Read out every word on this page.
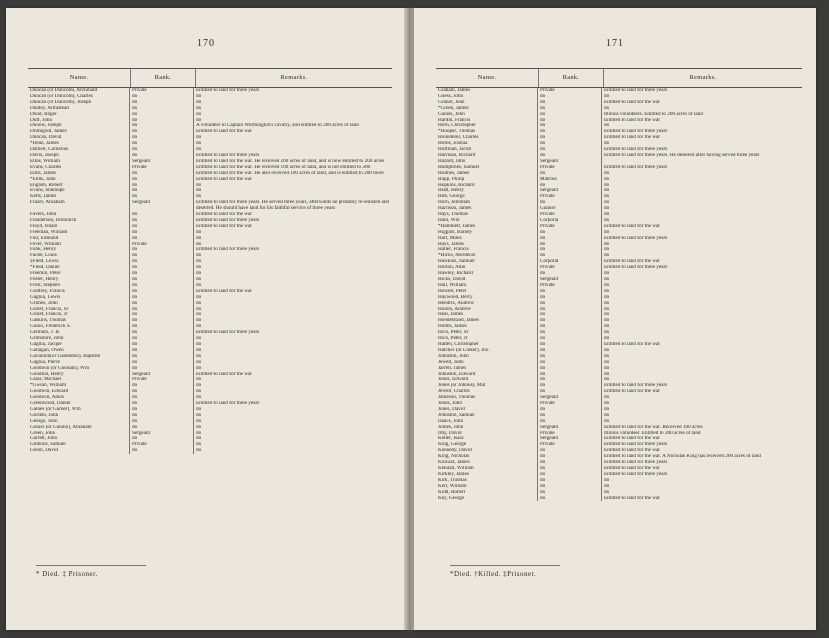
170
Name.	Rank.	Remarks.
Duncan (or Duncomi, Archibald	Private	Entitled to land for three years
Duncan (or Duncom), Charles	do	do
Duncan (or Duncom), Joseph	do	do
Dudley, Armistead	do	do
Doud, Roger	do	do
Duff, John	do	do
Dunow, Joseph	do	A volunteer in Captain Worthington's cavalry, and entitled to 200 acres of land
Drumgold, James	do	Entitled to land for the war
Duncan, David	do	do
*Dean, James	do	do
Darnell, Cornelius	do	do
Davis, Joseph	do	Entitled to land for three years
Elms, William	Sergeant	Entitled to land for the war. He received 200 acres of land, and is now entitled to 200 acres
Evans, Charles	Private	Entitled to land for the war. He received 100 acres of land, and is not entitled to 200
Elms, James	do	Entitled to land for the war. He also received 100 acres of land, and is entitled to 200 more
*Elms, John	do	Entitled to land for the war
English, Robert	do	do
Evans, Stanhope	do	do
Ketts, James	do	do
Frazer, Abraham	Sergeant	Entitled to land for three years. He served three years, afterwards he probably re-enlisted and deserted. He should have land for his faithful service of three years
Favers, John	do	Entitled to land for the war
Flanderson, Dominick	do	Entitled to land for three years
Floyd, Isham	do	Entitled to land for the war
Freeman, William	do	do
Fair, Edmund	do	do
Fever, William	Private	do
Funk, Henry	do	Entitled to land for three years
Fache, Louis	do	do
‡Field, Lewis	do	do
*Field, Daniel	do	do
Freemin, Peter	do	do
Foster, Henry	do	do
Frost, Stephen	do	do
Godfrey, Francis	do	Entitled to land for the war
Gagnia, Lewis	do	do
Grimes, John	do	do
Grolet, Francis, Sr	do	do
Grolet, Francis, Jr	do	do
Gaskins, Thomas	do	do
Guion, Frederick S.	do	do
Germain, J. B.	do	Entitled to land for three years
Grimshire, John	do	do
Gagnia, Jacque	do	do
Gallagan, Owen	do	do
Gavaldon(or Ganebdon), Baptiste	do	do
Gagnia, Pierre	do	do
Goodwin (or Goodam), Wm	do	do
Goodlon, Henry	Sergeant	Entitled to land for the war
Glass, Michael	Private	do
*Gwinn, William	do	do
Goodwin, Edward	do	do
Goodwin, Amos	do	do
Greenwood, Daniel	do	Entitled to land for three years
Gaines (or Garner), Wm	do	do
Gordon, John	do	do
George, John	do	do
Gonier (or Gannin), Abraham	do	do
Green, John	Sergeant	do
Garrett, John	do	do
Gibbons, Samuel	Private	do
Glenn, David	do	do
* Died. ‡ Prisoner.
171
Name.	Rank.	Remarks.
Graham, James	Private	Entitled to land for three years
Guess, John	do	do
Gratiot, Jean	do	Entitled to land for the war
*Green, James	do	do
Gaines, John	do	Illinois volunteers. Entitled to 200 acres of land
Hardin, Francis	do	Entitled to land for the war
Horn, Christopher	do	do
*Hooper, Thomas	do	Entitled to land for three years
Houndelor, Charles	do	Entitled to land for the war
Hollis, Joshua	do	do
Huffman, Jacob	do	Entitled to land for three years
Harrison, Richard	do	Entitled to land for three years. He deserted after having served three years
Hazard, John	Sergeant
Humphries, Samuel	Private	Entitled to land for three years
Holmes, James	do	do
Rupp, Philip	Matross	do
Hopkins, Richard	do	do
Hiatt, Henry	Sergeant	do
Hite, George	Private	do
Horn, Jeremiah	do	do
Harrison, James	Gunner	do
Hays, Thomas	Private	do
Hain, Wm	Corporal	do
*Hammett, James	Private	Entitled to land for the war
Higgins, Barney	do	do
Hart, Miles	do	Entitled to land for three years
Hays, James	do	do
Haller, Francis	do	do
*Hicks, Mordecai	do	do
Hawkins, Samuel	Corporal	Entitled to land for the war
Horton, Adin	Private	Entitled to land for three years
Hawley, Richard	do	do
Hicks, David	Sergeant	do
Hall, William	Private	do
Howell, Peter	do	do
Haywood, Berry	do	do
Hendrix, Andrew	do	do
Honon, Andrew	do	do
Heal, James	do	do
Hieldebrand, James	do	do
Hobbs, James	do	do
Hico, Peter, Sr	do	do
Hico, Peter, Jr	do	do
Hatten, Christopher	do	Entitled to land for the war
Hatcher (or Linker), Jno	do	do
Johnston, John	do	do
Jewell, John	do	do
Jarrell, James	do	do
Johnston, Edward	do	do
Jones, Edward	do	do
Jones (or Johnus), Mat	do	Entitled to land for three years
Jewell, Charles	do	Entitled to land for the war
Jameson, Thomas	Sergeant	do
Jones, John	Private	do
Jones, David	do	do
Johnston, Samuel	do	do
Isaacs, John	do	do
Joines, John	Sergeant	Entitled to land for the war. Received 100 acres
Irby, David	Private	Illinois volunteer. Entitled to 200 acres of land
Keller, Isaac	Sergeant	Entitled to land for the war
King, George	Private	Entitled to land for three years
Kennedy, David	do	Entitled to land for the war
King, Nicholas	do	Entitled to land for the war. A Nicholas King has received 200 acres of land
Kincaid, James	do	Entitled to land for three years
Kendall, William	do	Entitled to land for the war
Kirkley, James	do	Entitled to land for three years
Kirk, Thomas	do	do
Kerr, William	do	do
Kidd, Robert	do	do
Key, George	do	Entitled to land for the war
*Died. †Killed. ‡Prisoner.
